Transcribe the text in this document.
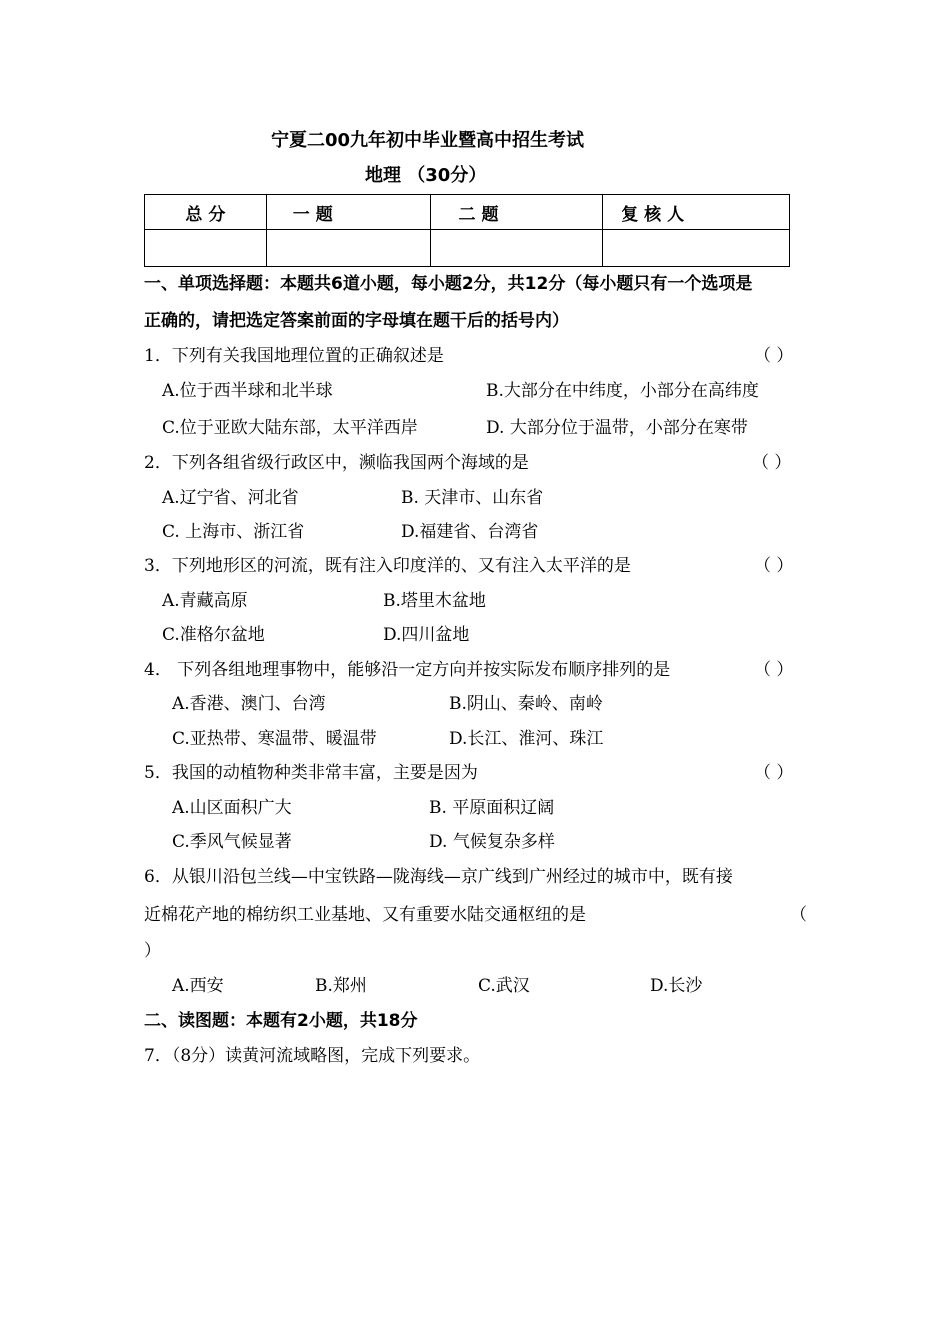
宁夏二00九年初中毕业暨高中招生考试
地理 （30分）
总 分	一 题	二 题	复 核 人

一、单项选择题：本题共6道小题，每小题2分，共12分（每小题只有一个选项是
正确的，请把选定答案前面的字母填在题干后的括号内）
1．下列有关我国地理位置的正确叙述是	（ ）
A.位于西半球和北半球	B.大部分在中纬度，小部分在高纬度
C.位于亚欧大陆东部，太平洋西岸	D. 大部分位于温带，小部分在寒带
2．下列各组省级行政区中，濒临我国两个海域的是	（ ）
A.辽宁省、河北省	B. 天津市、山东省
C. 上海市、浙江省	D.福建省、台湾省
3．下列地形区的河流，既有注入印度洋的、又有注入太平洋的是	（ ）
A.青藏高原	B.塔里木盆地
C.准格尔盆地	D.四川盆地
4． 下列各组地理事物中，能够沿一定方向并按实际发布顺序排列的是	（ ）
A.香港、澳门、台湾	B.阴山、秦岭、南岭
C.亚热带、寒温带、暖温带	D.长江、淮河、珠江
5．我国的动植物种类非常丰富，主要是因为	（ ）
A.山区面积广大	B. 平原面积辽阔
C.季风气候显著	D. 气候复杂多样
6．从银川沿包兰线—中宝铁路—陇海线—京广线到广州经过的城市中，既有接
近棉花产地的棉纺织工业基地、又有重要水陆交通枢纽的是	（
）
A.西安	B.郑州	C.武汉	D.长沙
二、读图题：本题有2小题，共18分
7．（8分）读黄河流域略图，完成下列要求。
